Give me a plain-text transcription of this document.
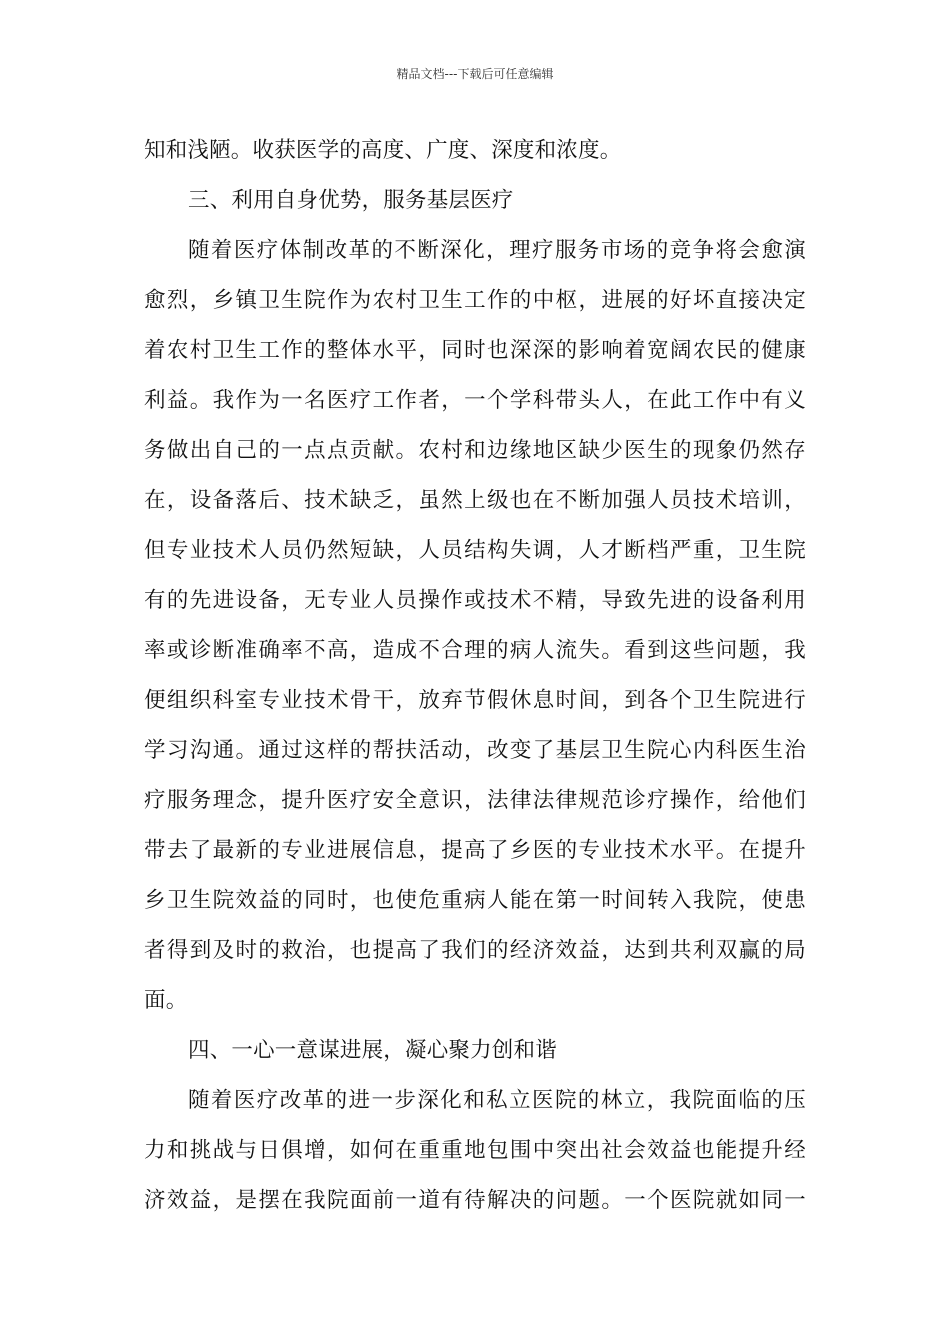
精品文档---下载后可任意编辑
知和浅陋。收获医学的高度、广度、深度和浓度。
三、利用自身优势，服务基层医疗
随着医疗体制改革的不断深化，理疗服务市场的竞争将会愈演
愈烈，乡镇卫生院作为农村卫生工作的中枢，进展的好坏直接决定
着农村卫生工作的整体水平，同时也深深的影响着宽阔农民的健康
利益。我作为一名医疗工作者，一个学科带头人，在此工作中有义
务做出自己的一点点贡献。农村和边缘地区缺少医生的现象仍然存
在，设备落后、技术缺乏，虽然上级也在不断加强人员技术培训，
但专业技术人员仍然短缺，人员结构失调，人才断档严重，卫生院
有的先进设备，无专业人员操作或技术不精，导致先进的设备利用
率或诊断准确率不高，造成不合理的病人流失。看到这些问题，我
便组织科室专业技术骨干，放弃节假休息时间，到各个卫生院进行
学习沟通。通过这样的帮扶活动，改变了基层卫生院心内科医生治
疗服务理念，提升医疗安全意识，法律法律规范诊疗操作，给他们
带去了最新的专业进展信息，提高了乡医的专业技术水平。在提升
乡卫生院效益的同时，也使危重病人能在第一时间转入我院，使患
者得到及时的救治，也提高了我们的经济效益，达到共利双赢的局
面。
四、一心一意谋进展，凝心聚力创和谐
随着医疗改革的进一步深化和私立医院的林立，我院面临的压
力和挑战与日俱增，如何在重重地包围中突出社会效益也能提升经
济效益，是摆在我院面前一道有待解决的问题。一个医院就如同一
